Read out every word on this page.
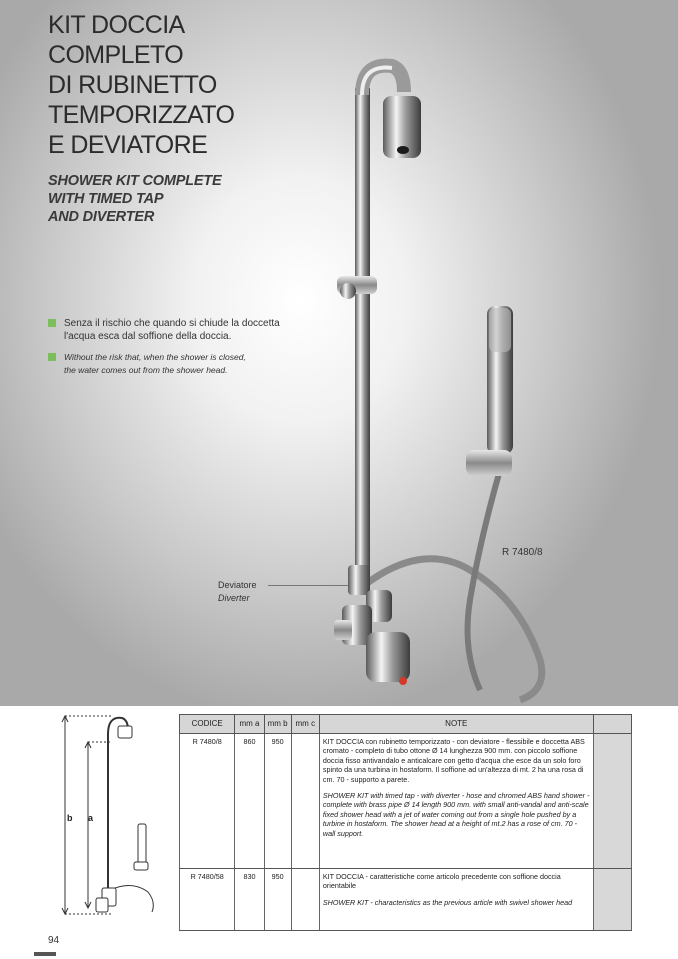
KIT DOCCIA
COMPLETO
DI RUBINETTO
TEMPORIZZATO
E DEVIATORE
SHOWER KIT COMPLETE
WITH TIMED TAP
AND DIVERTER
Senza il rischio che quando si chiude la doccetta
l'acqua esca dal soffione della doccia.
Without the risk that, when the shower is closed,
the water comes out from the shower head.
R 7480/8
Deviatore
Diverter
b a
CODICE	mm a	mm b	mm c	NOTE	
R 7480/8	860	950		KIT DOCCIA con rubinetto temporizzato - con deviatore - flessibile e doccetta ABS cromato - completo di tubo ottone Ø 14 lunghezza 900 mm. con piccolo soffione doccia fisso antivandalo e anticalcare con getto d'acqua che esce da un solo foro spinto da una turbina in hostaform. Il soffione ad un'altezza di mt. 2 ha una rosa di cm. 70 - supporto a parete.
SHOWER KIT with timed tap - with diverter - hose and chromed ABS hand shower - complete with brass pipe Ø 14 length 900 mm. with small anti-vandal and anti-scale fixed shower head with a jet of water coming out from a single hole pushed by a turbine in hostaform. The shower head at a height of mt.2 has a rose of cm. 70 - wall support.	

R 7480/58	830	950		KIT DOCCIA - caratteristiche come articolo precedente con soffione doccia orientabile
SHOWER KIT - characteristics as the previous article with swivel shower head	

94
